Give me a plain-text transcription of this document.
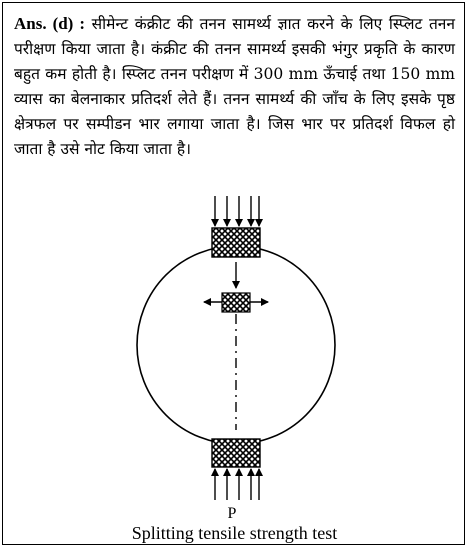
Ans. (d) : सीमेन्ट कंक्रीट की तनन सामर्थ्य ज्ञात करने के लिए स्प्लिट तनन परीक्षण किया जाता है। कंक्रीट की तनन सामर्थ्य इसकी भंगुर प्रकृति के कारण बहुत कम होती है। स्प्लिट तनन परीक्षण में 300 mm ऊँचाई तथा 150 mm व्यास का बेलनाकार प्रतिदर्श लेते हैं। तनन सामर्थ्य की जाँच के लिए इसके पृष्ठ क्षेत्रफल पर सम्पीडन भार लगाया जाता है। जिस भार पर प्रतिदर्श विफल हो जाता है उसे नोट किया जाता है।
P
Splitting tensile strength test
